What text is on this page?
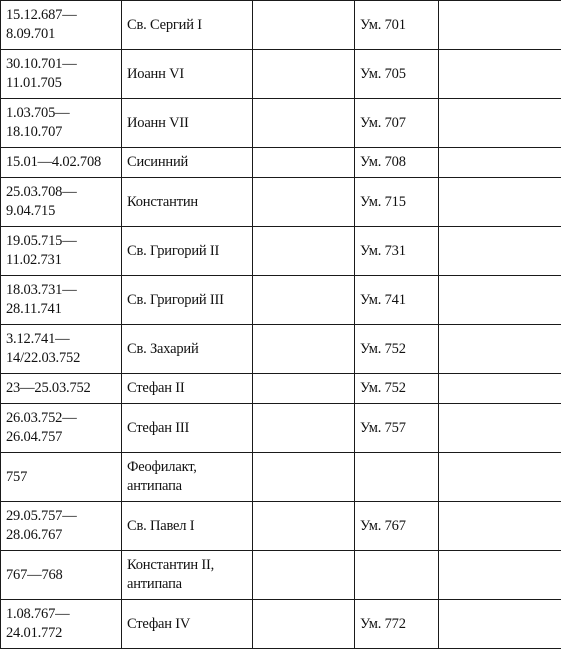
15.12.687—
8.09.701	Св. Сергий I		Ум. 701	

30.10.701—
11.01.705	Иоанн VI		Ум. 705	

1.03.705—
18.10.707	Иоанн VII		Ум. 707	

15.01—4.02.708	Сисинний		Ум. 708	

25.03.708—
9.04.715	Константин		Ум. 715	

19.05.715—
11.02.731	Св. Григорий II		Ум. 731	

18.03.731—
28.11.741	Св. Григорий III		Ум. 741	

3.12.741—
14/22.03.752	Св. Захарий		Ум. 752	

23—25.03.752	Стефан II		Ум. 752	

26.03.752—
26.04.757	Стефан III		Ум. 757	

757	Феофилакт,
антипапа			

29.05.757—
28.06.767	Св. Павел I		Ум. 767	

767—768	Константин II,
антипапа			

1.08.767—
24.01.772	Стефан IV		Ум. 772	
